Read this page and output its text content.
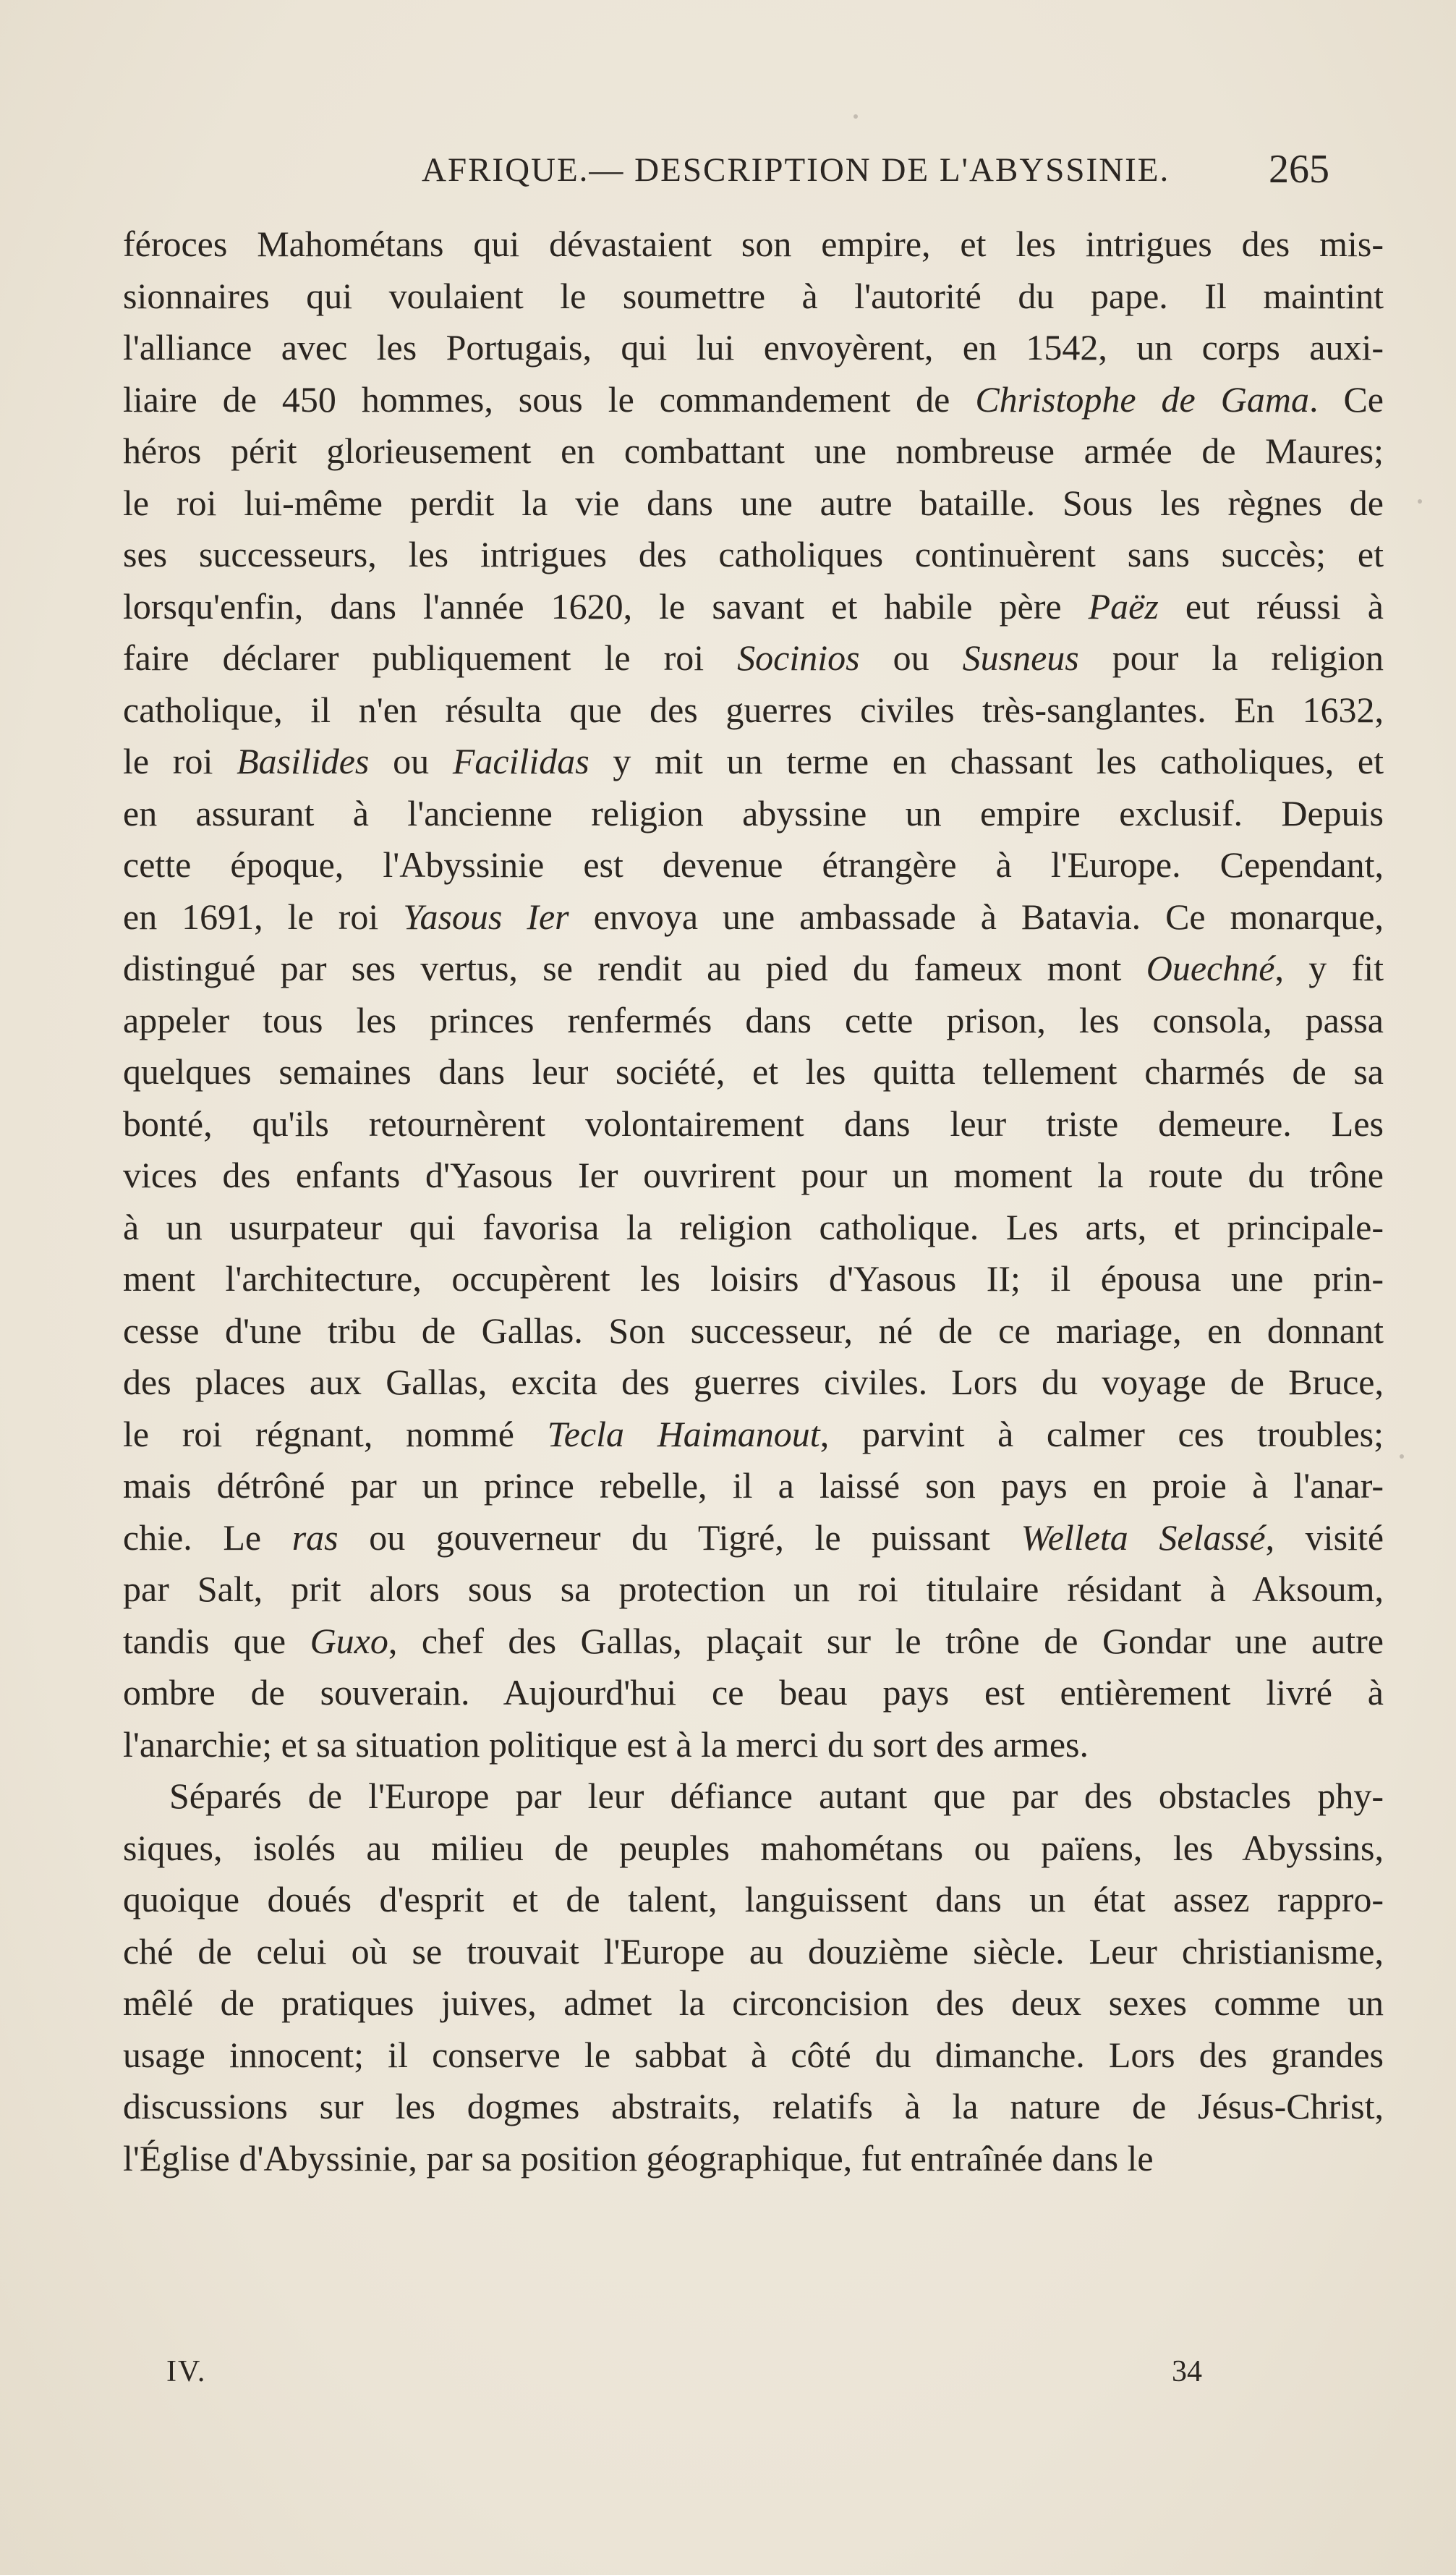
AFRIQUE.— DESCRIPTION DE L'ABYSSINIE. 265
féroces Mahométans qui dévastaient son empire, et les intrigues des mis-
sionnaires qui voulaient le soumettre à l'autorité du pape. Il maintint
l'alliance avec les Portugais, qui lui envoyèrent, en 1542, un corps auxi-
liaire de 450 hommes, sous le commandement de Christophe de Gama. Ce
héros périt glorieusement en combattant une nombreuse armée de Maures;
le roi lui-même perdit la vie dans une autre bataille. Sous les règnes de
ses successeurs, les intrigues des catholiques continuèrent sans succès; et
lorsqu'enfin, dans l'année 1620, le savant et habile père Paëz eut réussi à
faire déclarer publiquement le roi Socinios ou Susneus pour la religion
catholique, il n'en résulta que des guerres civiles très-sanglantes. En 1632,
le roi Basilides ou Facilidas y mit un terme en chassant les catholiques, et
en assurant à l'ancienne religion abyssine un empire exclusif. Depuis
cette époque, l'Abyssinie est devenue étrangère à l'Europe. Cependant,
en 1691, le roi Yasous Ier envoya une ambassade à Batavia. Ce monarque,
distingué par ses vertus, se rendit au pied du fameux mont Ouechné, y fit
appeler tous les princes renfermés dans cette prison, les consola, passa
quelques semaines dans leur société, et les quitta tellement charmés de sa
bonté, qu'ils retournèrent volontairement dans leur triste demeure. Les
vices des enfants d'Yasous Ier ouvrirent pour un moment la route du trône
à un usurpateur qui favorisa la religion catholique. Les arts, et principale-
ment l'architecture, occupèrent les loisirs d'Yasous II; il épousa une prin-
cesse d'une tribu de Gallas. Son successeur, né de ce mariage, en donnant
des places aux Gallas, excita des guerres civiles. Lors du voyage de Bruce,
le roi régnant, nommé Tecla Haimanout, parvint à calmer ces troubles;
mais détrôné par un prince rebelle, il a laissé son pays en proie à l'anar-
chie. Le ras ou gouverneur du Tigré, le puissant Welleta Selassé, visité
par Salt, prit alors sous sa protection un roi titulaire résidant à Aksoum,
tandis que Guxo, chef des Gallas, plaçait sur le trône de Gondar une autre
ombre de souverain. Aujourd'hui ce beau pays est entièrement livré à
l'anarchie; et sa situation politique est à la merci du sort des armes.
Séparés de l'Europe par leur défiance autant que par des obstacles phy-
siques, isolés au milieu de peuples mahométans ou païens, les Abyssins,
quoique doués d'esprit et de talent, languissent dans un état assez rappro-
ché de celui où se trouvait l'Europe au douzième siècle. Leur christianisme,
mêlé de pratiques juives, admet la circoncision des deux sexes comme un
usage innocent; il conserve le sabbat à côté du dimanche. Lors des grandes
discussions sur les dogmes abstraits, relatifs à la nature de Jésus-Christ,
l'Église d'Abyssinie, par sa position géographique, fut entraînée dans le
IV.	34
